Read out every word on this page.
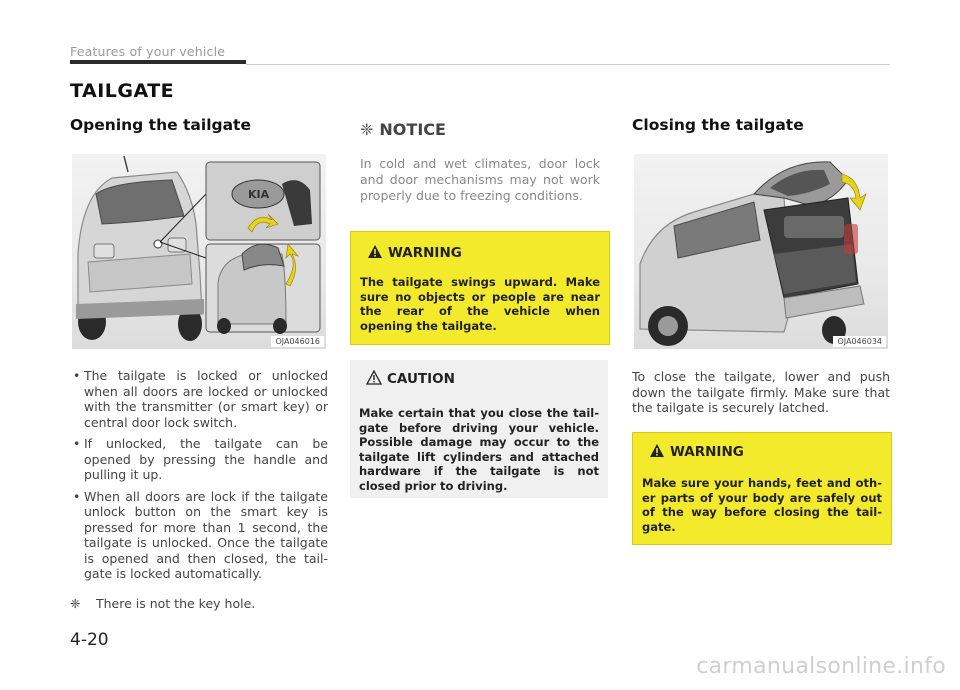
Features of your vehicle
TAILGATE
Opening the tailgate
KIA
OJA046016
• The tailgate is locked or unlocked when all doors are locked or unlocked with the transmitter (or smart key) or central door lock switch.
• If unlocked, the tailgate can be opened by pressing the handle and pulling it up.
• When all doors are lock if the tailgate unlock button on the smart key is pressed for more than 1 second, the tailgate is unlocked. Once the tailgate is opened and then closed, the tail-gate is locked automatically.
❈ There is not the key hole.
4-20
❈ NOTICE
In cold and wet climates, door lock and door mechanisms may not work properly due to freezing conditions.
WARNING
The tailgate swings upward. Make sure no objects or people are near the rear of the vehicle when opening the tailgate.
CAUTION
Make certain that you close the tail-gate before driving your vehicle. Possible damage may occur to the tailgate lift cylinders and attached hardware if the tailgate is not closed prior to driving.
Closing the tailgate
OJA046034
To close the tailgate, lower and push down the tailgate firmly. Make sure that the tailgate is securely latched.
WARNING
Make sure your hands, feet and oth-er parts of your body are safely out of the way before closing the tail-gate.
carmanualsonline.info
